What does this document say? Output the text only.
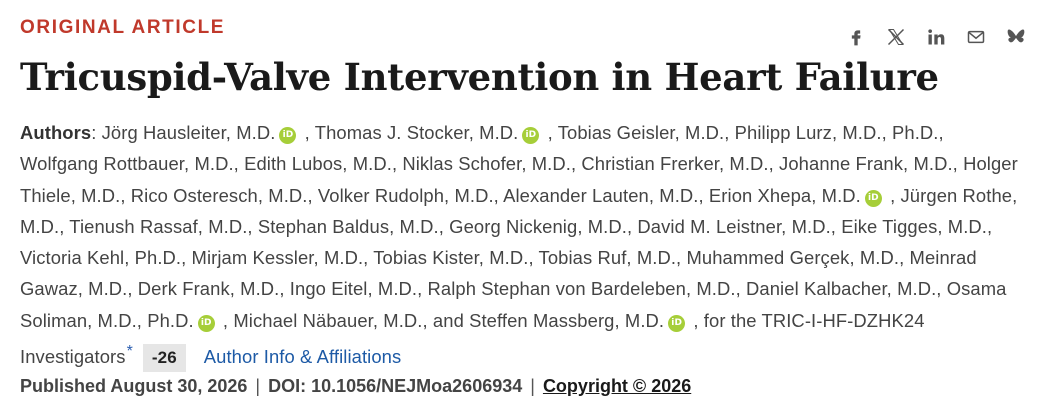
ORIGINAL ARTICLE
Tricuspid-Valve Intervention in Heart Failure
Authors: Jörg Hausleiter, M.D. iD , Thomas J. Stocker, M.D. iD , Tobias Geisler, M.D., Philipp Lurz, M.D., Ph.D., Wolfgang Rottbauer, M.D., Edith Lubos, M.D., Niklas Schofer, M.D., Christian Frerker, M.D., Johanne Frank, M.D., Holger Thiele, M.D., Rico Osteresch, M.D., Volker Rudolph, M.D., Alexander Lauten, M.D., Erion Xhepa, M.D. iD , Jürgen Rothe, M.D., Tienush Rassaf, M.D., Stephan Baldus, M.D., Georg Nickenig, M.D., David M. Leistner, M.D., Eike Tigges, M.D., Victoria Kehl, Ph.D., Mirjam Kessler, M.D., Tobias Kister, M.D., Tobias Ruf, M.D., Muhammed Gerçek, M.D., Meinrad Gawaz, M.D., Derk Frank, M.D., Ingo Eitel, M.D., Ralph Stephan von Bardeleben, M.D., Daniel Kalbacher, M.D., Osama Soliman, M.D., Ph.D. iD , Michael Näbauer, M.D., and Steffen Massberg, M.D. iD , for the TRIC-I-HF-DZHK24 Investigators* -26 Author Info & Affiliations
Published August 30, 2026 | DOI: 10.1056/NEJMoa2606934 | Copyright © 2026
